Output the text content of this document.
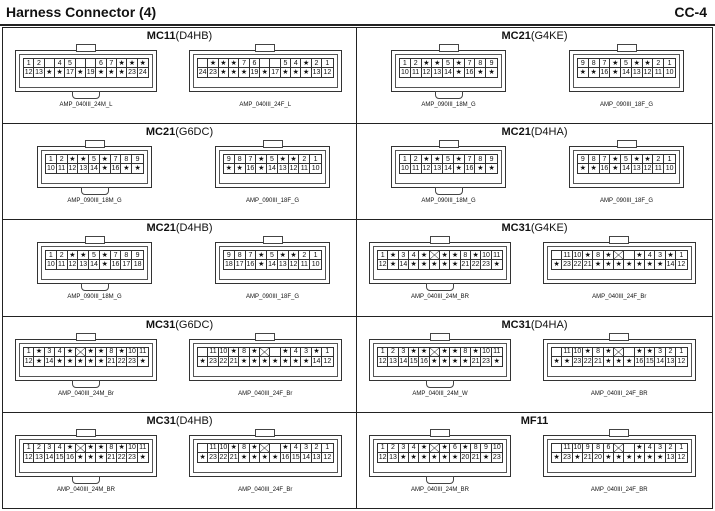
Harness Connector (4)	CC-4
MC11(D4HB)
1 2	4 5	6 7 ★ ★ ★
12 13 ★ ★ 17 ★ 19 ★ ★ ★ 23 24
AMP_040III_24M_L
★ ★ ★ 7 6	5 4 ★ 2 1
24 23 ★ ★ ★ 19 ★ 17 ★ ★ ★ 13 12
AMP_040III_24F_L
MC21(G4KE)
1 2 ★ ★ 5 ★ 7 8	9
10 11 12 13 14 ★ 16 ★ ★
AMP_090III_18M_G
9 8 7 ★ 5 ★ ★ 2	1
★ ★ 16 ★ 14 13 12 11 10
AMP_090III_18F_G
MC21(G6DC)
1 2 ★ ★ 5 ★ 7 8	9
10 11 12 13 14 ★ 16 ★ ★
AMP_090III_18M_G
9 8 7 ★ 5 ★ ★ 2	1
★ ★ 16 ★ 14 13 12 11 10
AMP_090III_18F_G
MC21(D4HA)
1 2 ★ ★ 5 ★ 7 8	9
10 11 12 13 14 ★ 16 ★ ★
AMP_090III_18M_G
9 8 7 ★ 5 ★ ★ 2	1
★ ★ 16 ★ 14 13 12 11 10
AMP_090III_18F_G
MC21(D4HB)
1 2 ★ ★ 5 ★ 7 8	9
10 11 12 13 14 ★ 16 17 18
AMP_090III_18M_G
9 8 7 ★ 5 ★ ★ 2	1
18 17 16 ★ 14 13 12 11 10
AMP_090III_18F_G
MC31(G4KE)
1 ★ 3 4 ★	★ ★ 8 ★ 10 11
12 ★ 14 ★ ★ ★ ★ ★ 21 22 23 ★
AMP_040III_24M_BR
11 10 ★ 8 ★	★ 4 3 ★ 1
★ 23 22 21 ★ ★ ★ ★ ★ ★ ★ 14 12
AMP_040III_24F_Br
MC31(G6DC)
1 ★ 3 4 ★	★ ★ 8 ★ 10 11
12 ★ 14 ★ ★ ★ ★ ★ 21 22 23 ★
AMP_040III_24M_Br
11 10 ★ 8 ★	★ 4 3 ★ 1
★ 23 22 21 ★ ★ ★ ★ ★ ★ ★ 14 12
AMP_040III_24F_Br
MC31(D4HA)
1 2 3 ★ ★	★ ★ 8 ★ 10 11
12 13 14 15 16 ★ ★ ★ ★ 21 23 ★
AMP_040III_24M_W
11 10 ★ 8 ★	★ ★ 3 2 1
★ ★ 23 22 21 ★ ★ ★ 16 15 14 13 12
AMP_040III_24F_BR
MC31(D4HB)
1 2 3 4 ★	★ ★ 8 ★ 10 11
12 13 14 15 16 ★ ★ ★ 21 22 23 ★
AMP_040III_24M_BR
11 10 ★ 8 ★	★ 4 3 2 1
★ 23 22 21 ★ ★ ★ ★ 16 15 14 13 12
AMP_040III_24F_Br
MF11
1 2 3 4 ★	★ 6 ★ 8 9 10
12 13 ★ ★ ★ ★ ★ ★ 20 21 ★ 23
AMP_040III_24M_BR
11 10 9 8 6	★ 4 3 2 1
★ 23 ★ 21 20 ★ ★ ★ ★ ★ ★ 13 12
AMP_040III_24F_BR
